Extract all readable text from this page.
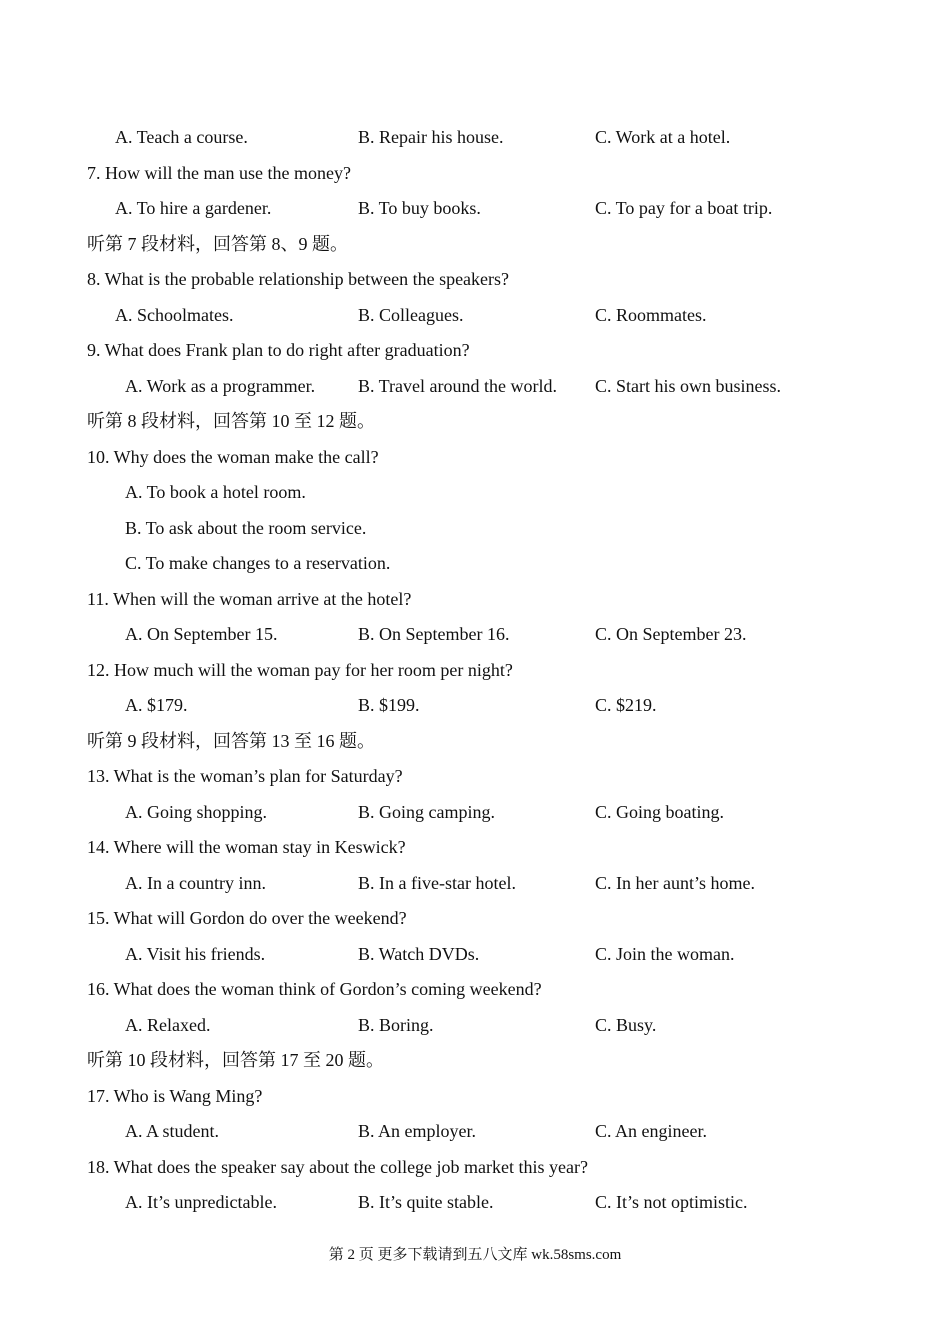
A. Teach a course.	B. Repair his house.	C. Work at a hotel.
7. How will the man use the money?
A. To hire a gardener.	B. To buy books.	C. To pay for a boat trip.
听第 7 段材料，回答第 8、9 题。
8. What is the probable relationship between the speakers?
A. Schoolmates.	B. Colleagues.	C. Roommates.
9. What does Frank plan to do right after graduation?
A. Work as a programmer. B. Travel around the world. C. Start his own business.
听第 8 段材料，回答第 10 至 12 题。
10. Why does the woman make the call?
A. To book a hotel room.
B. To ask about the room service.
C. To make changes to a reservation.
11. When will the woman arrive at the hotel?
A. On September 15.	B. On September 16.	C. On September 23.
12. How much will the woman pay for her room per night?
A. $179.	B. $199.	C. $219.
听第 9 段材料，回答第 13 至 16 题。
13. What is the woman’s plan for Saturday?
A. Going shopping.	B. Going camping.	C. Going boating.
14. Where will the woman stay in Keswick?
A. In a country inn.	B. In a five-star hotel.	C. In her aunt’s home.
15. What will Gordon do over the weekend?
A. Visit his friends.	B. Watch DVDs.	C. Join the woman.
16. What does the woman think of Gordon’s coming weekend?
A. Relaxed.	B. Boring.	C. Busy.
听第 10 段材料，回答第 17 至 20 题。
17. Who is Wang Ming?
A. A student.	B. An employer.	C. An engineer.
18. What does the speaker say about the college job market this year?
A. It’s unpredictable.	B. It’s quite stable.	C. It’s not optimistic.
第 2 页 更多下载请到五八文库 wk.58sms.com
